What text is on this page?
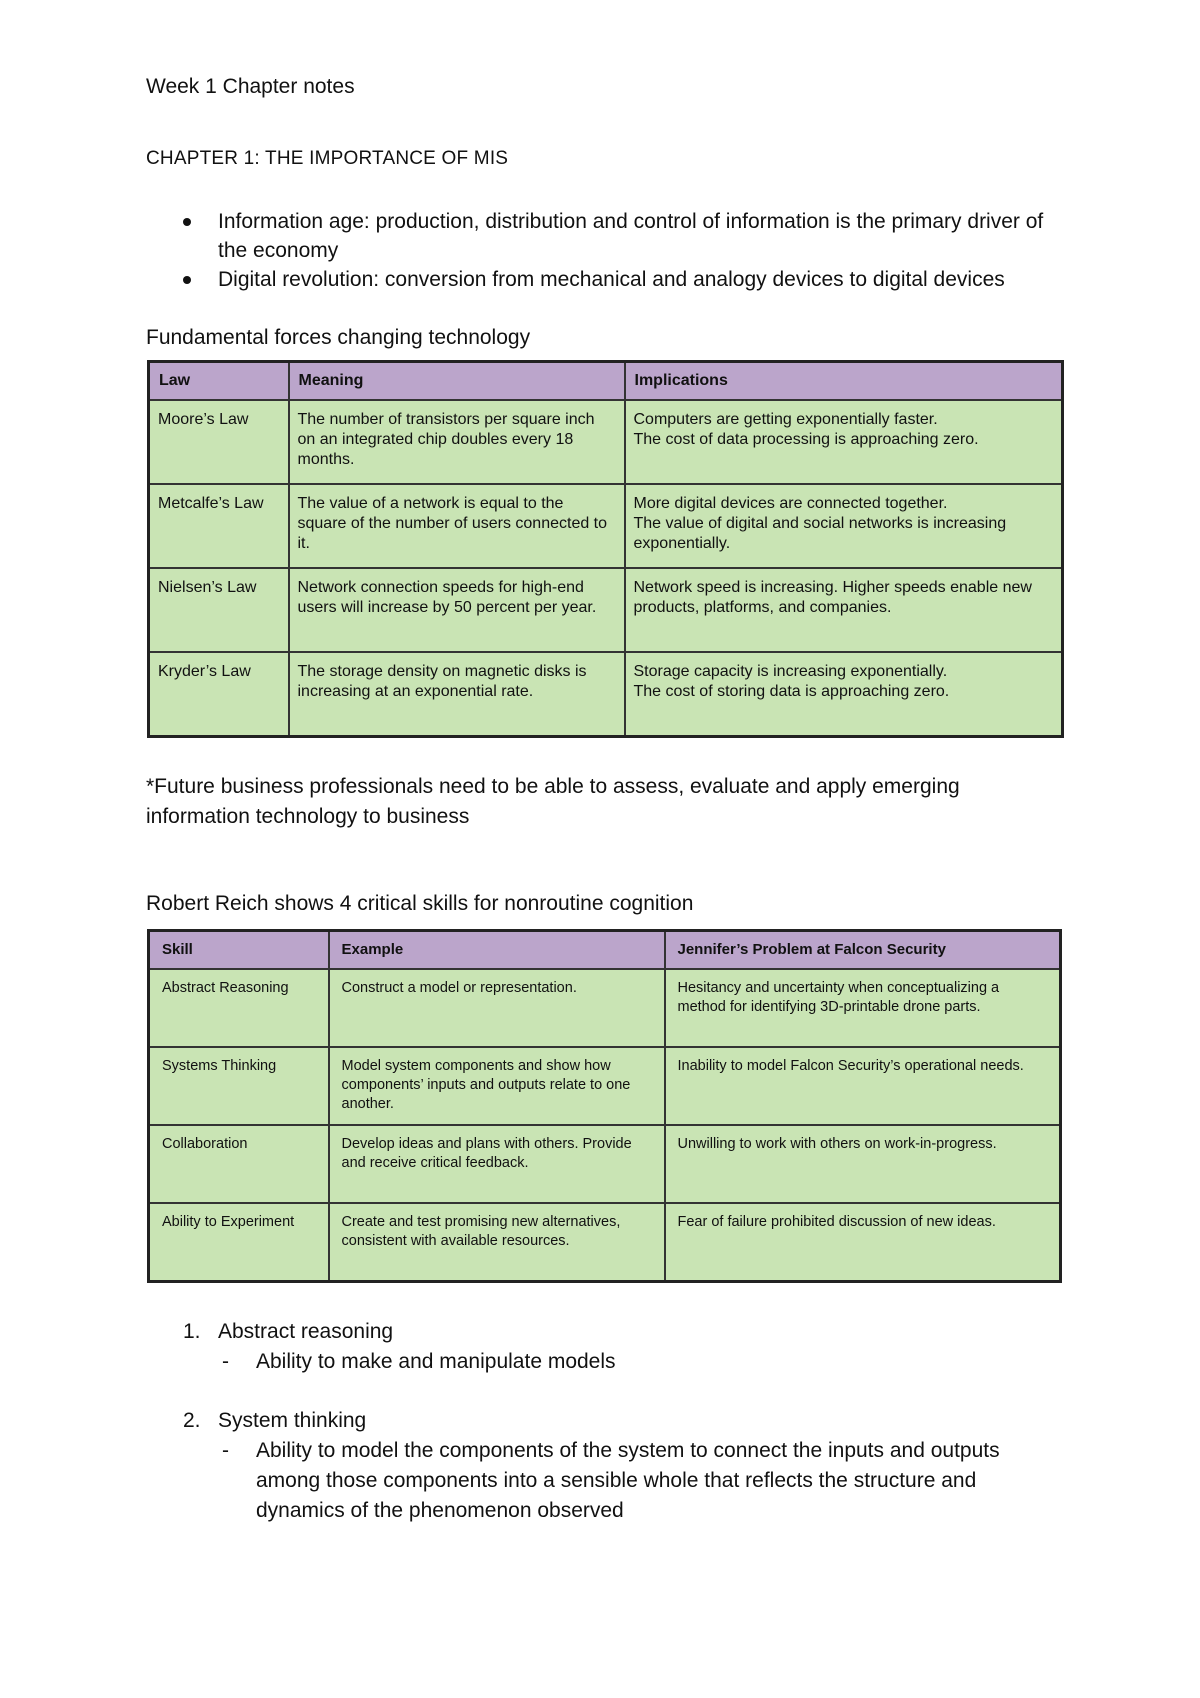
Week 1 Chapter notes
CHAPTER 1: THE IMPORTANCE OF MIS
Information age: production, distribution and control of information is the primary driver of the economy
Digital revolution: conversion from mechanical and analogy devices to digital devices
Fundamental forces changing technology
Law	Meaning	Implications
Moore’s Law	The number of transistors per square inch on an integrated chip doubles every 18 months.	Computers are getting exponentially faster.
The cost of data processing is approaching zero.
Metcalfe’s Law	The value of a network is equal to the square of the number of users connected to it.	More digital devices are connected together.
The value of digital and social networks is increasing exponentially.
Nielsen’s Law	Network connection speeds for high-end users will increase by 50 percent per year.	Network speed is increasing. Higher speeds enable new products, platforms, and companies.
Kryder’s Law	The storage density on magnetic disks is increasing at an exponential rate.	Storage capacity is increasing exponentially.
The cost of storing data is approaching zero.
*Future business professionals need to be able to assess, evaluate and apply emerging information technology to business
Robert Reich shows 4 critical skills for nonroutine cognition
Skill	Example	Jennifer’s Problem at Falcon Security
Abstract Reasoning	Construct a model or representation.	Hesitancy and uncertainty when conceptualizing a method for identifying 3D-printable drone parts.
Systems Thinking	Model system components and show how components’ inputs and outputs relate to one another.	Inability to model Falcon Security’s operational needs.
Collaboration	Develop ideas and plans with others. Provide and receive critical feedback.	Unwilling to work with others on work-in-progress.
Ability to Experiment	Create and test promising new alternatives, consistent with available resources.	Fear of failure prohibited discussion of new ideas.
1. Abstract reasoning
- Ability to make and manipulate models
2. System thinking
- Ability to model the components of the system to connect the inputs and outputs among those components into a sensible whole that reflects the structure and dynamics of the phenomenon observed
